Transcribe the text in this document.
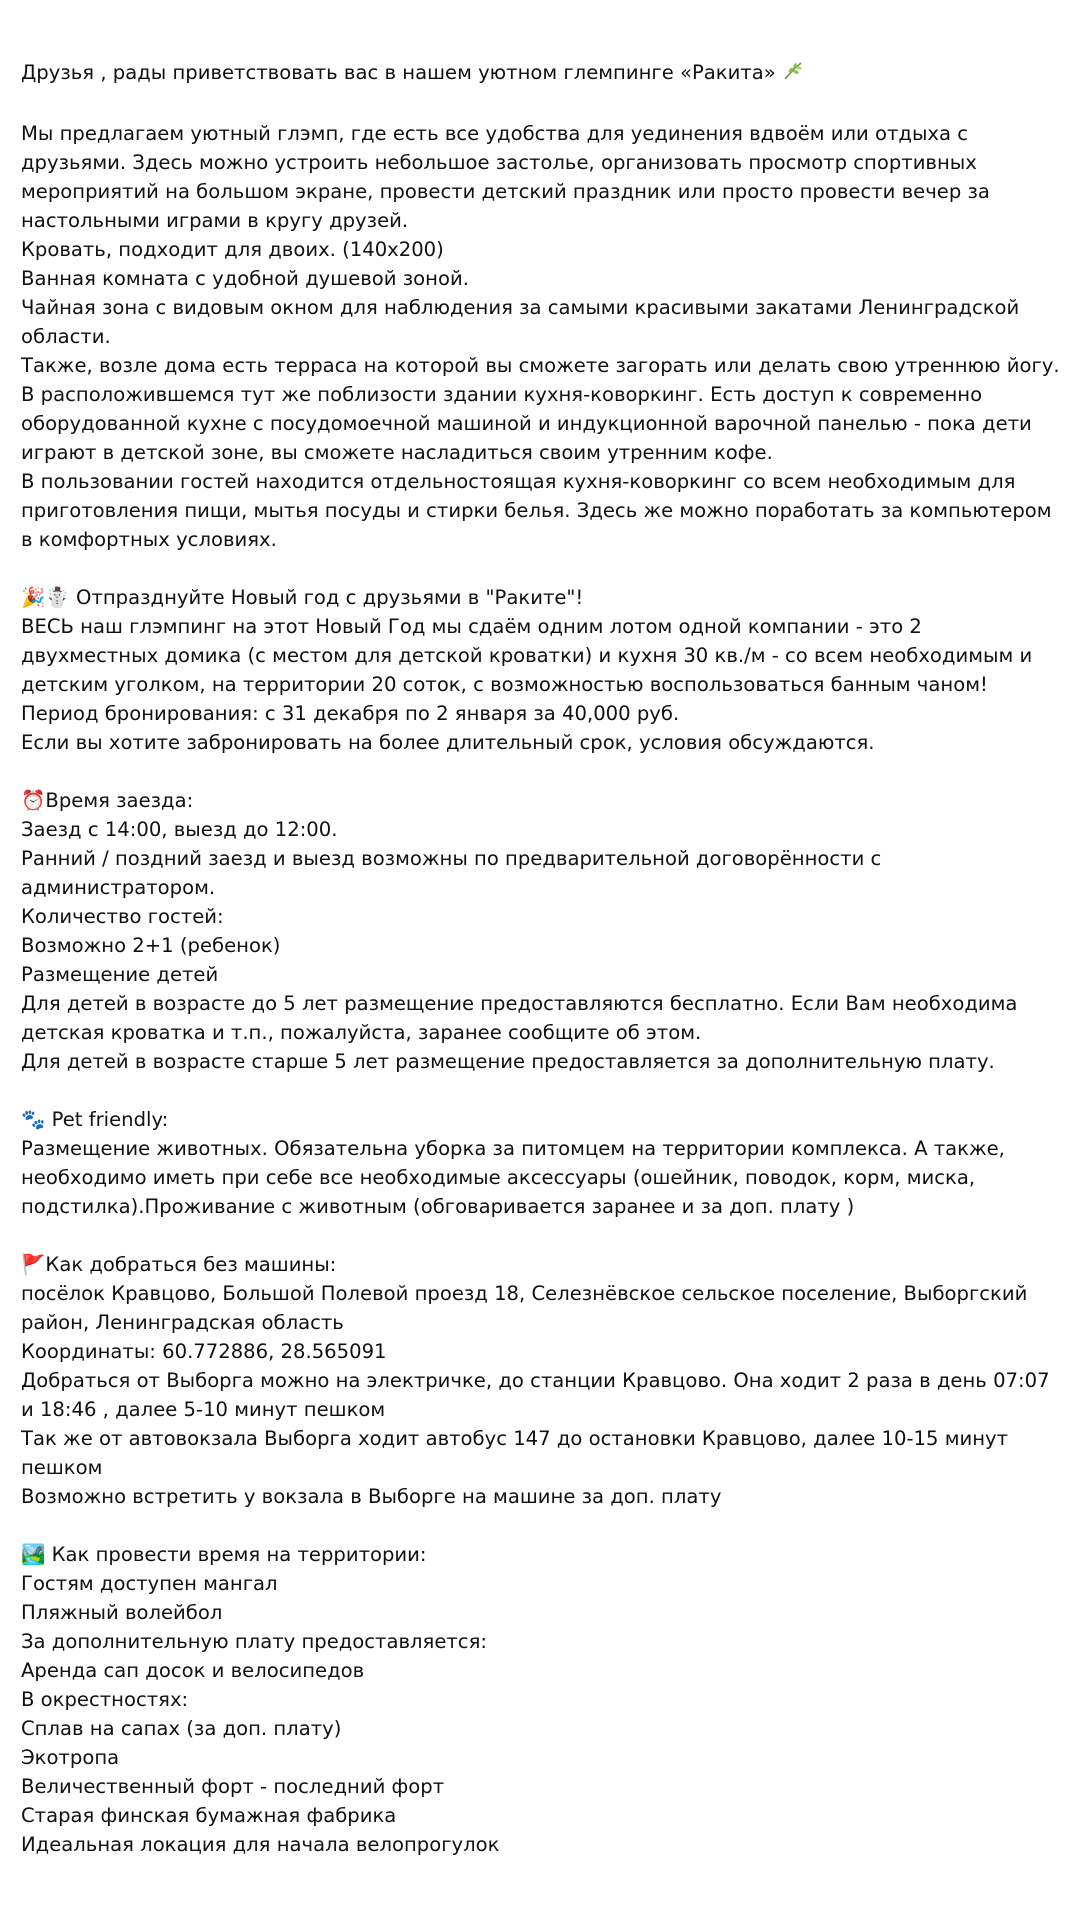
Друзья , рады приветствовать вас в нашем уютном глемпинге «Ракита»
Мы предлагаем уютный глэмп, где есть все удобства для уединения вдвоём или отдыха с друзьями. Здесь можно устроить небольшое застолье, организовать просмотр спортивных мероприятий на большом экране, провести детский праздник или просто провести вечер за настольными играми в кругу друзей.
Кровать, подходит для двоих. (140x200)
Ванная комната с удобной душевой зоной.
Чайная зона с видовым окном для наблюдения за самыми красивыми закатами Ленинградской области.
Также, возле дома есть терраса на которой вы сможете загорать или делать свою утреннюю йогу.
В расположившемся тут же поблизости здании кухня-коворкинг. Есть доступ к современно оборудованной кухне с посудомоечной машиной и индукционной варочной панелью - пока дети играют в детской зоне, вы сможете насладиться своим утренним кофе.
В пользовании гостей находится отдельностоящая кухня-коворкинг со всем необходимым для приготовления пищи, мытья посуды и стирки белья. Здесь же можно поработать за компьютером в комфортных условиях.
🎉☃️ Отпразднуйте Новый год с друзьями в "Раките"!
ВЕСЬ наш глэмпинг на этот Новый Год мы сдаём одним лотом одной компании - это 2 двухместных домика (с местом для детской кроватки) и кухня 30 кв./м - со всем необходимым и детским уголком, на территории 20 соток, с возможностью воспользоваться банным чаном!
Период бронирования: с 31 декабря по 2 января за 40,000 руб.
Если вы хотите забронировать на более длительный срок, условия обсуждаются.
⏰Время заезда:
Заезд с 14:00, выезд до 12:00.
Ранний / поздний заезд и выезд возможны по предварительной договорённости с администратором.
Количество гостей:
Возможно 2+1 (ребенок)
Размещение детей
Для детей в возрасте до 5 лет размещение предоставляются бесплатно. Если Вам необходима детская кроватка и т.п., пожалуйста, заранее сообщите об этом.
Для детей в возрасте старше 5 лет размещение предоставляется за дополнительную плату.
🐾 Pet friendly:
Размещение животных. Обязательна уборка за питомцем на территории комплекса. А также, необходимо иметь при себе все необходимые аксессуары (ошейник, поводок, корм, миска, подстилка).Проживание с животным (обговаривается заранее и за доп. плату )
🚩Как добраться без машины:
посёлок Кравцово, Большой Полевой проезд 18, Селезнёвское сельское поселение, Выборгский район, Ленинградская область
Координаты: 60.772886, 28.565091
Добраться от Выборга можно на электричке, до станции Кравцово. Она ходит 2 раза в день 07:07 и 18:46 , далее 5-10 минут пешком
Так же от автовокзала Выборга ходит автобус 147 до остановки Кравцово, далее 10-15 минут пешком
Возможно встретить у вокзала в Выборге на машине за доп. плату
🏞️ Как провести время на территории:
Гостям доступен мангал
Пляжный волейбол
За дополнительную плату предоставляется:
Аренда сап досок и велосипедов
В окрестностях:
Сплав на сапах (за доп. плату)
Экотропа
Величественный форт - последний форт
Старая финская бумажная фабрика
Идеальная локация для начала велопрогулок
